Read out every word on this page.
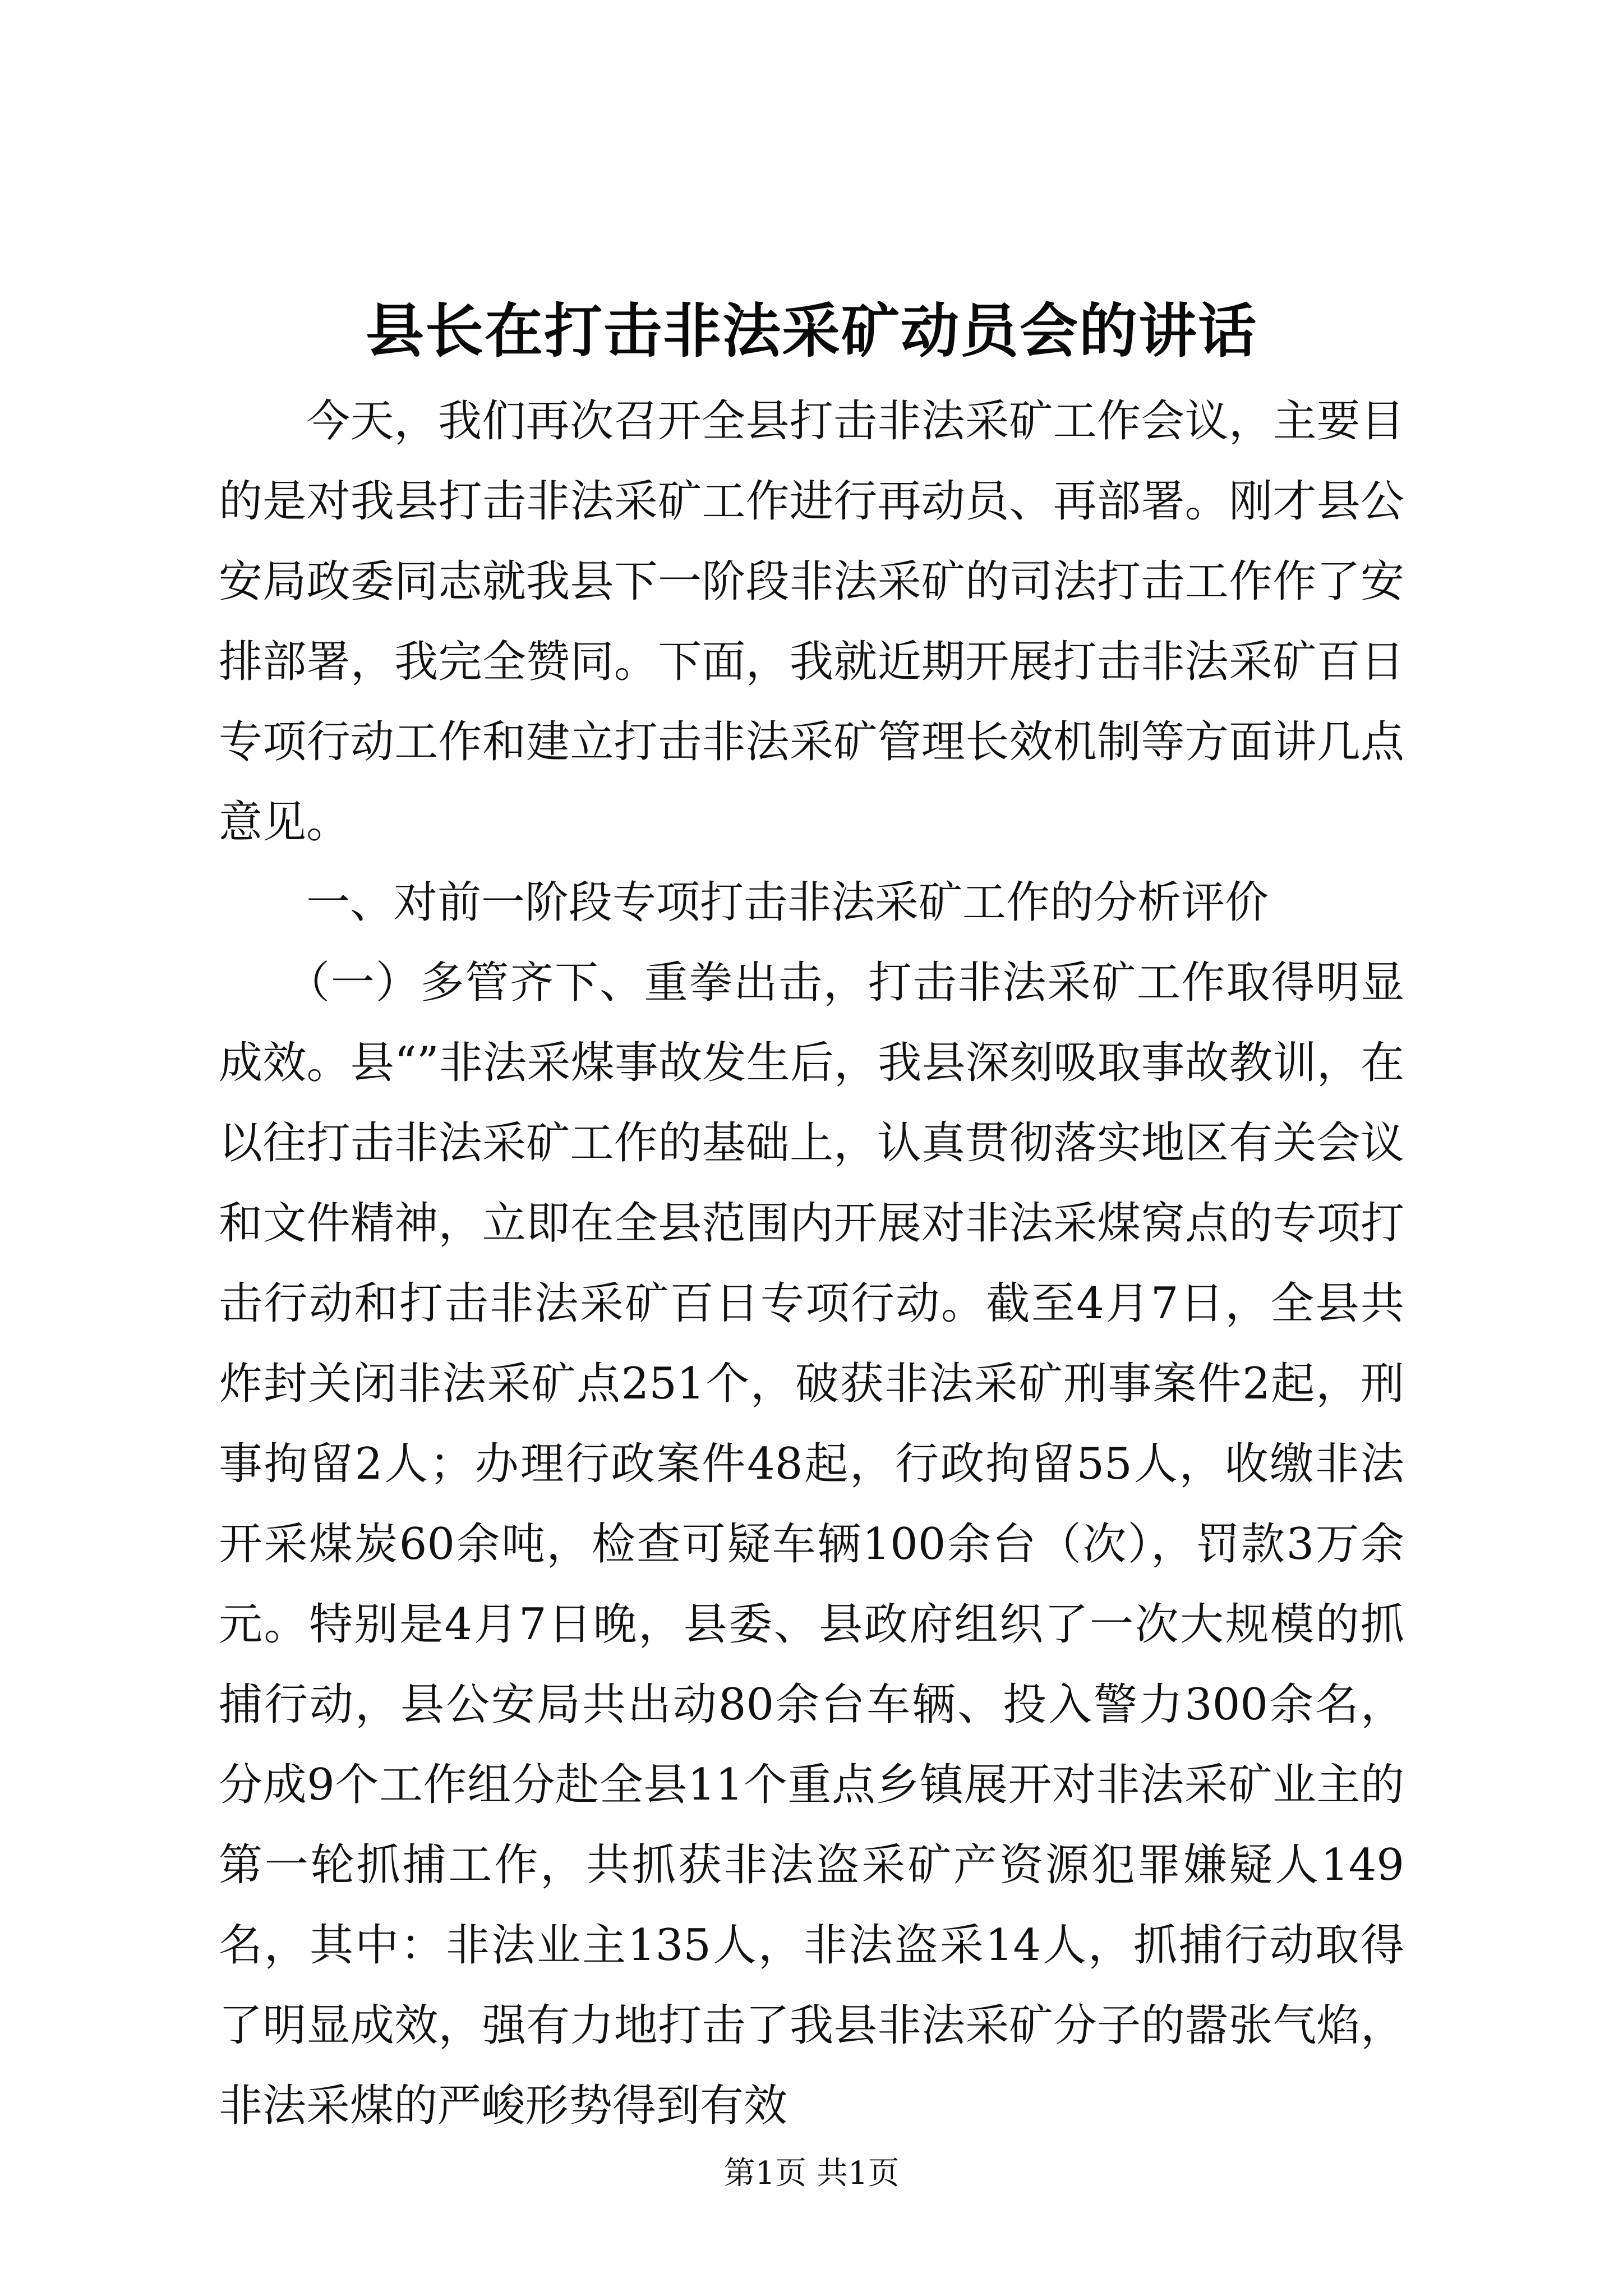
县长在打击非法采矿动员会的讲话

今天，我们再次召开全县打击非法采矿工作会议，主要目的是对我县打击非法采矿工作进行再动员、再部署。刚才县公安局政委同志就我县下一阶段非法采矿的司法打击工作作了安排部署，我完全赞同。下面，我就近期开展打击非法采矿百日专项行动工作和建立打击非法采矿管理长效机制等方面讲几点意见。

一、对前一阶段专项打击非法采矿工作的分析评价

（一）多管齐下、重拳出击，打击非法采矿工作取得明显成效。县“”非法采煤事故发生后，我县深刻吸取事故教训，在以往打击非法采矿工作的基础上，认真贯彻落实地区有关会议和文件精神，立即在全县范围内开展对非法采煤窝点的专项打击行动和打击非法采矿百日专项行动。截至4月7日，全县共炸封关闭非法采矿点251个，破获非法采矿刑事案件2起，刑事拘留2人；办理行政案件48起，行政拘留55人，收缴非法开采煤炭60余吨，检查可疑车辆100余台（次），罚款3万余元。特别是4月7日晚，县委、县政府组织了一次大规模的抓捕行动，县公安局共出动80余台车辆、投入警力300余名，分成9个工作组分赴全县11个重点乡镇展开对非法采矿业主的第一轮抓捕工作，共抓获非法盗采矿产资源犯罪嫌疑人149名，其中：非法业主135人，非法盗采14人，抓捕行动取得了明显成效，强有力地打击了我县非法采矿分子的嚣张气焰，非法采煤的严峻形势得到有效

第1页 共1页
